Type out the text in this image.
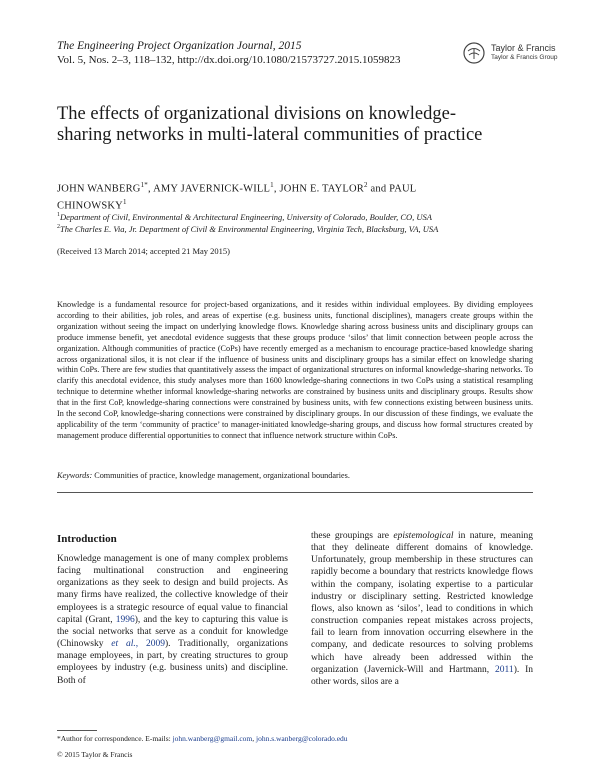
The Engineering Project Organization Journal, 2015
Vol. 5, Nos. 2–3, 118–132, http://dx.doi.org/10.1080/21573727.2015.1059823
Taylor & Francis
Taylor & Francis Group
The effects of organizational divisions on knowledge-sharing networks in multi-lateral communities of practice
JOHN $WANBERG^{1*}$, AMY JAVERNICK-WILL$^1$, JOHN E. TAYLOR$^2$ and PAUL CHINOWSKY$^1$
$^1$Department of Civil, Environmental & Architectural Engineering, University of Colorado, Boulder, CO, USA
$^2$The Charles E. Via, Jr. Department of Civil & Environmental Engineering, Virginia Tech, Blacksburg, VA, USA
(Received 13 March 2014; accepted 21 May 2015)

Knowledge is a fundamental resource for project-based organizations, and it resides within individual employees. By dividing employees according to their abilities, job roles, and areas of expertise (e.g. business units, functional disciplines), managers create groups within the organization without seeing the impact on underlying knowledge flows. Knowledge sharing across business units and disciplinary groups can produce immense benefit, yet anecdotal evidence suggests that these groups produce ‘silos’ that limit connection between people across the organization. Although communities of practice (CoPs) have recently emerged as a mechanism to encourage practice-based knowledge sharing across organizational silos, it is not clear if the influence of business units and disciplinary groups has a similar effect on knowledge sharing within CoPs. There are few studies that quantitatively assess the impact of organizational structures on informal knowledge-sharing networks. To clarify this anecdotal evidence, this study analyses more than 1600 knowledge-sharing connections in two CoPs using a statistical resampling technique to determine whether informal knowledge-sharing networks are constrained by business units and disciplinary groups. Results show that in the first CoP, knowledge-sharing connections were constrained by business units, with few connections existing between business units. In the second CoP, knowledge-sharing connections were constrained by disciplinary groups. In our discussion of these findings, we evaluate the applicability of the term ‘community of practice’ to manager-initiated knowledge-sharing groups, and discuss how formal structures created by management produce differential opportunities to connect that influence network structure within CoPs.

Keywords: Communities of practice, knowledge management, organizational boundaries.
Introduction

Knowledge management is one of many complex problems facing multinational construction and engineering organizations as they seek to design and build projects. As many firms have realized, the collective knowledge of their employees is a strategic resource of equal value to financial capital (Grant, 1996), and the key to capturing this value is the social networks that serve as a conduit for knowledge (Chinowsky et al., 2009). Traditionally, organizations manage employees, in part, by creating structures to group employees by industry (e.g. business units) and discipline. Both of

these groupings are epistemological in nature, meaning that they delineate different domains of knowledge. Unfortunately, group membership in these structures can rapidly become a boundary that restricts knowledge flows within the company, isolating expertise to a particular industry or disciplinary setting. Restricted knowledge flows, also known as ‘silos’, lead to conditions in which construction companies repeat mistakes across projects, fail to learn from innovation occurring elsewhere in the company, and dedicate resources to solving problems which have already been addressed within the organization (Javernick-Will and Hartmann, 2011). In other words, silos are a

*Author for correspondence. E-mails: john.wanberg@gmail.com, john.s.wanberg@colorado.edu
© 2015 Taylor & Francis
